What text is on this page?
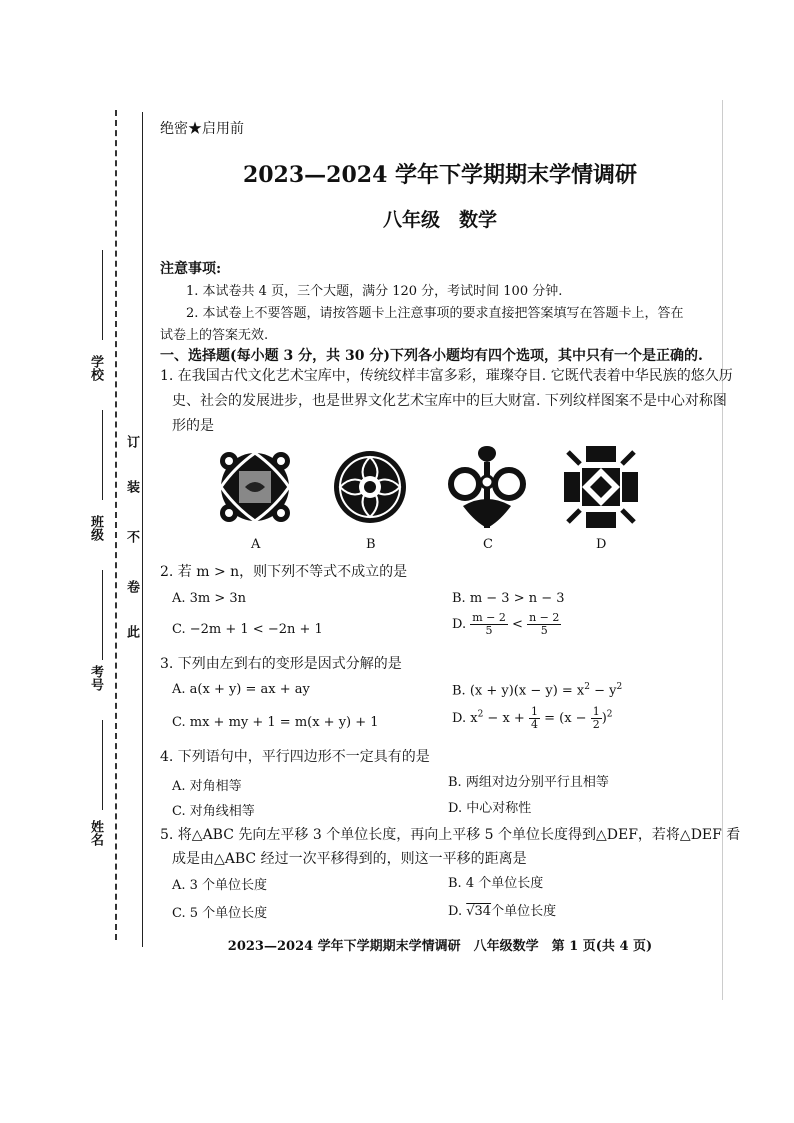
学校
班级
考号
姓名
订
装
不
卷
此
绝密★启用前
2023—2024 学年下学期期末学情调研
八年级　数学
注意事项:
1. 本试卷共 4 页，三个大题，满分 120 分，考试时间 100 分钟.
2. 本试卷上不要答题，请按答题卡上注意事项的要求直接把答案填写在答题卡上，答在
试卷上的答案无效.
一、选择题(每小题 3 分，共 30 分)下列各小题均有四个选项，其中只有一个是正确的.
1. 在我国古代文化艺术宝库中，传统纹样丰富多彩，璀璨夺目. 它既代表着中华民族的悠久历
史、社会的发展进步，也是世界文化艺术宝库中的巨大财富. 下列纹样图案不是中心对称图
形的是
A	B	C	D
2. 若 m > n，则下列不等式不成立的是
A. 3m > 3n	B. m − 3 > n − 3
C. −2m + 1 < −2n + 1	D. $\frac{m - 2}{5} < \frac{n - 2}{5}$
3. 下列由左到右的变形是因式分解的是
A. a(x + y) = ax + ay	B. $(x + y)(x - y) = x^2 - y^2$
C. mx + my + 1 = m(x + y) + 1	D. $x^2 - x + \frac{1}{4} = (x - \frac{1}{2} )^2$
4. 下列语句中，平行四边形不一定具有的是
A. 对角相等	B. 两组对边分别平行且相等
C. 对角线相等	D. 中心对称性
5. 将△ABC 先向左平移 3 个单位长度，再向上平移 5 个单位长度得到△DEF，若将△DEF 看
成是由△ABC 经过一次平移得到的，则这一平移的距离是
A. 3 个单位长度	B. 4 个单位长度
C. 5 个单位长度	D. √34个单位长度
2023—2024 学年下学期期末学情调研　八年级数学　第 1 页(共 4 页)
